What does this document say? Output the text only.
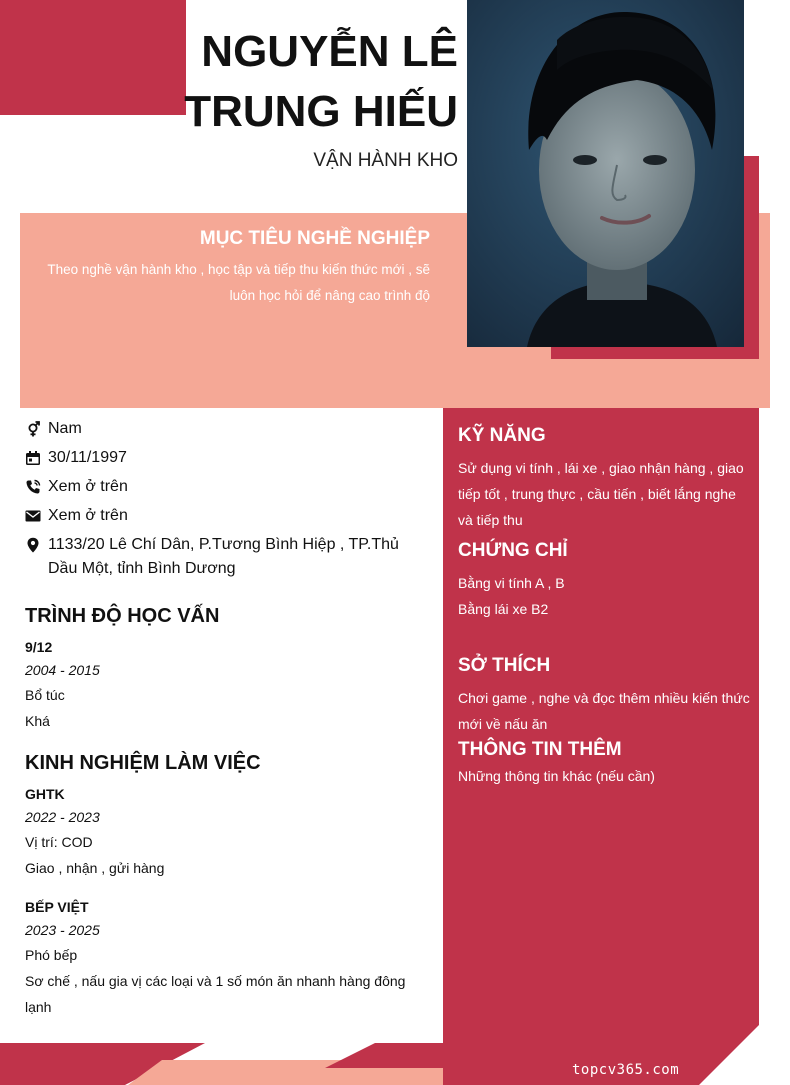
NGUYỄN LÊ
TRUNG HIẾU
VẬN HÀNH KHO
MỤC TIÊU NGHỀ NGHIỆP
Theo nghề vận hành kho , học tập và tiếp thu kiến thức mới , sẽ luôn học hỏi để nâng cao trình độ
Nam
30/11/1997
Xem ở trên
Xem ở trên
1133/20 Lê Chí Dân, P.Tương Bình Hiệp , TP.Thủ Dầu Một, tỉnh Bình Dương
TRÌNH ĐỘ HỌC VẤN
9/12
2004 - 2015
Bổ túc
Khá
KINH NGHIỆM LÀM VIỆC
GHTK
2022 - 2023
Vị trí: COD
Giao , nhận , gửi hàng
BẾP VIỆT
2023 - 2025
Phó bếp
Sơ chế , nấu gia vị các loại và 1 số món ăn nhanh hàng đông lạnh
KỸ NĂNG
Sử dụng vi tính , lái xe , giao nhận hàng , giao tiếp tốt , trung thực , cầu tiến , biết lắng nghe và tiếp thu
CHỨNG CHỈ
Bằng vi tính A , B
Bằng lái xe B2
SỞ THÍCH
Chơi game , nghe và đọc thêm nhiều kiến thức mới về nấu ăn
THÔNG TIN THÊM
Những thông tin khác (nếu cần)
topcv365.com
